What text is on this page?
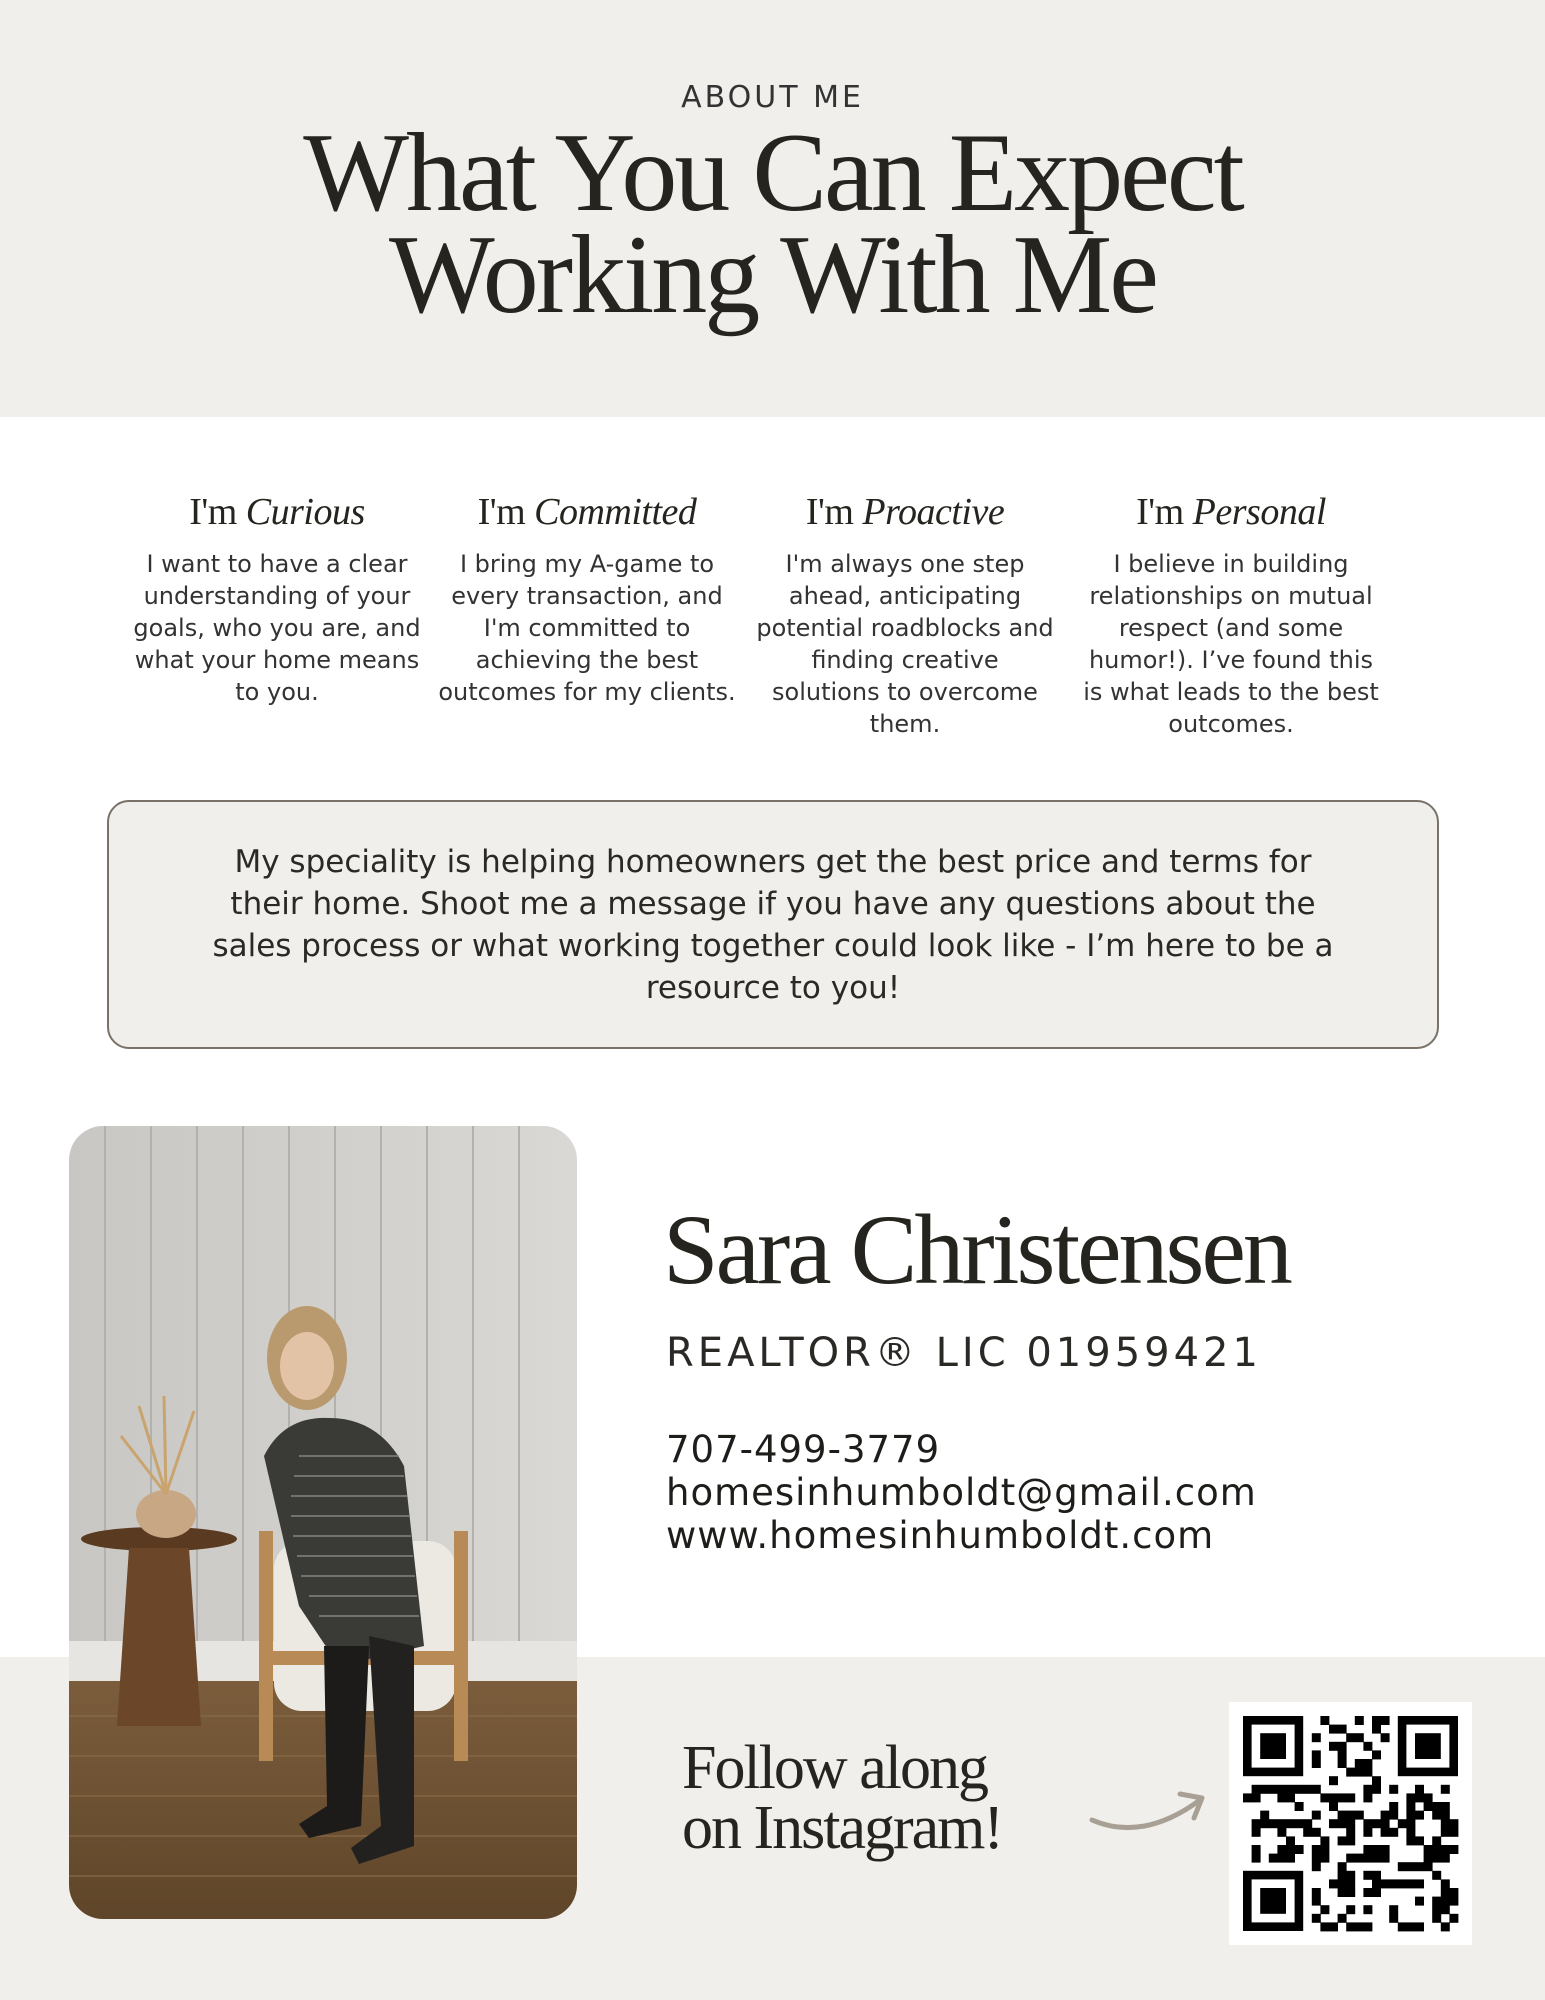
ABOUT ME
What You Can Expect
Working With Me
I'm Curious
I want to have a clear understanding of your goals, who you are, and what your home means to you.
I'm Committed
I bring my A-game to every transaction, and I'm committed to achieving the best outcomes for my clients.
I'm Proactive
I'm always one step ahead, anticipating potential roadblocks and finding creative solutions to overcome them.
I'm Personal
I believe in building relationships on mutual respect (and some humor!). I’ve found this is what leads to the best outcomes.
My speciality is helping homeowners get the best price and terms for their home. Shoot me a message if you have any questions about the sales process or what working together could look like - I’m here to be a resource to you!
Sara Christensen
REALTOR® LIC 01959421
707-499-3779
homesinhumboldt@gmail.com
www.homesinhumboldt.com
Follow along
on Instagram!
